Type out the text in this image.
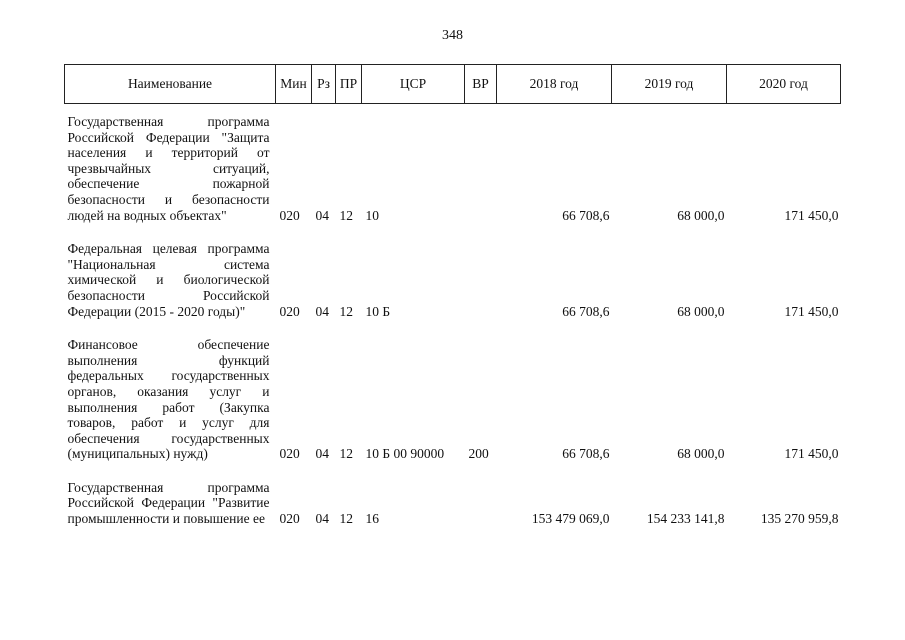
348
Наименование	Мин	Рз	ПР	ЦСР	ВР	2018 год	2019 год	2020 год
Государственная программа Российской Федерации "Защита населения и территорий от чрезвычайных ситуаций, обеспечение пожарной безопасности и безопасности людей на водных объектах"	020	04	12	10		66 708,6	68 000,0	171 450,0
Федеральная целевая программа "Национальная система химической и биологической безопасности Российской Федерации (2015 - 2020 годы)"	020	04	12	10 Б		66 708,6	68 000,0	171 450,0
Финансовое обеспечение выполнения функций федеральных государственных органов, оказания услуг и выполнения работ (Закупка товаров, работ и услуг для обеспечения государственных (муниципальных) нужд)	020	04	12	10 Б 00 90000	200	66 708,6	68 000,0	171 450,0
Государственная программа Российской Федерации "Развитие промышленности и повышение ее	020	04	12	16		153 479 069,0	154 233 141,8	135 270 959,8
